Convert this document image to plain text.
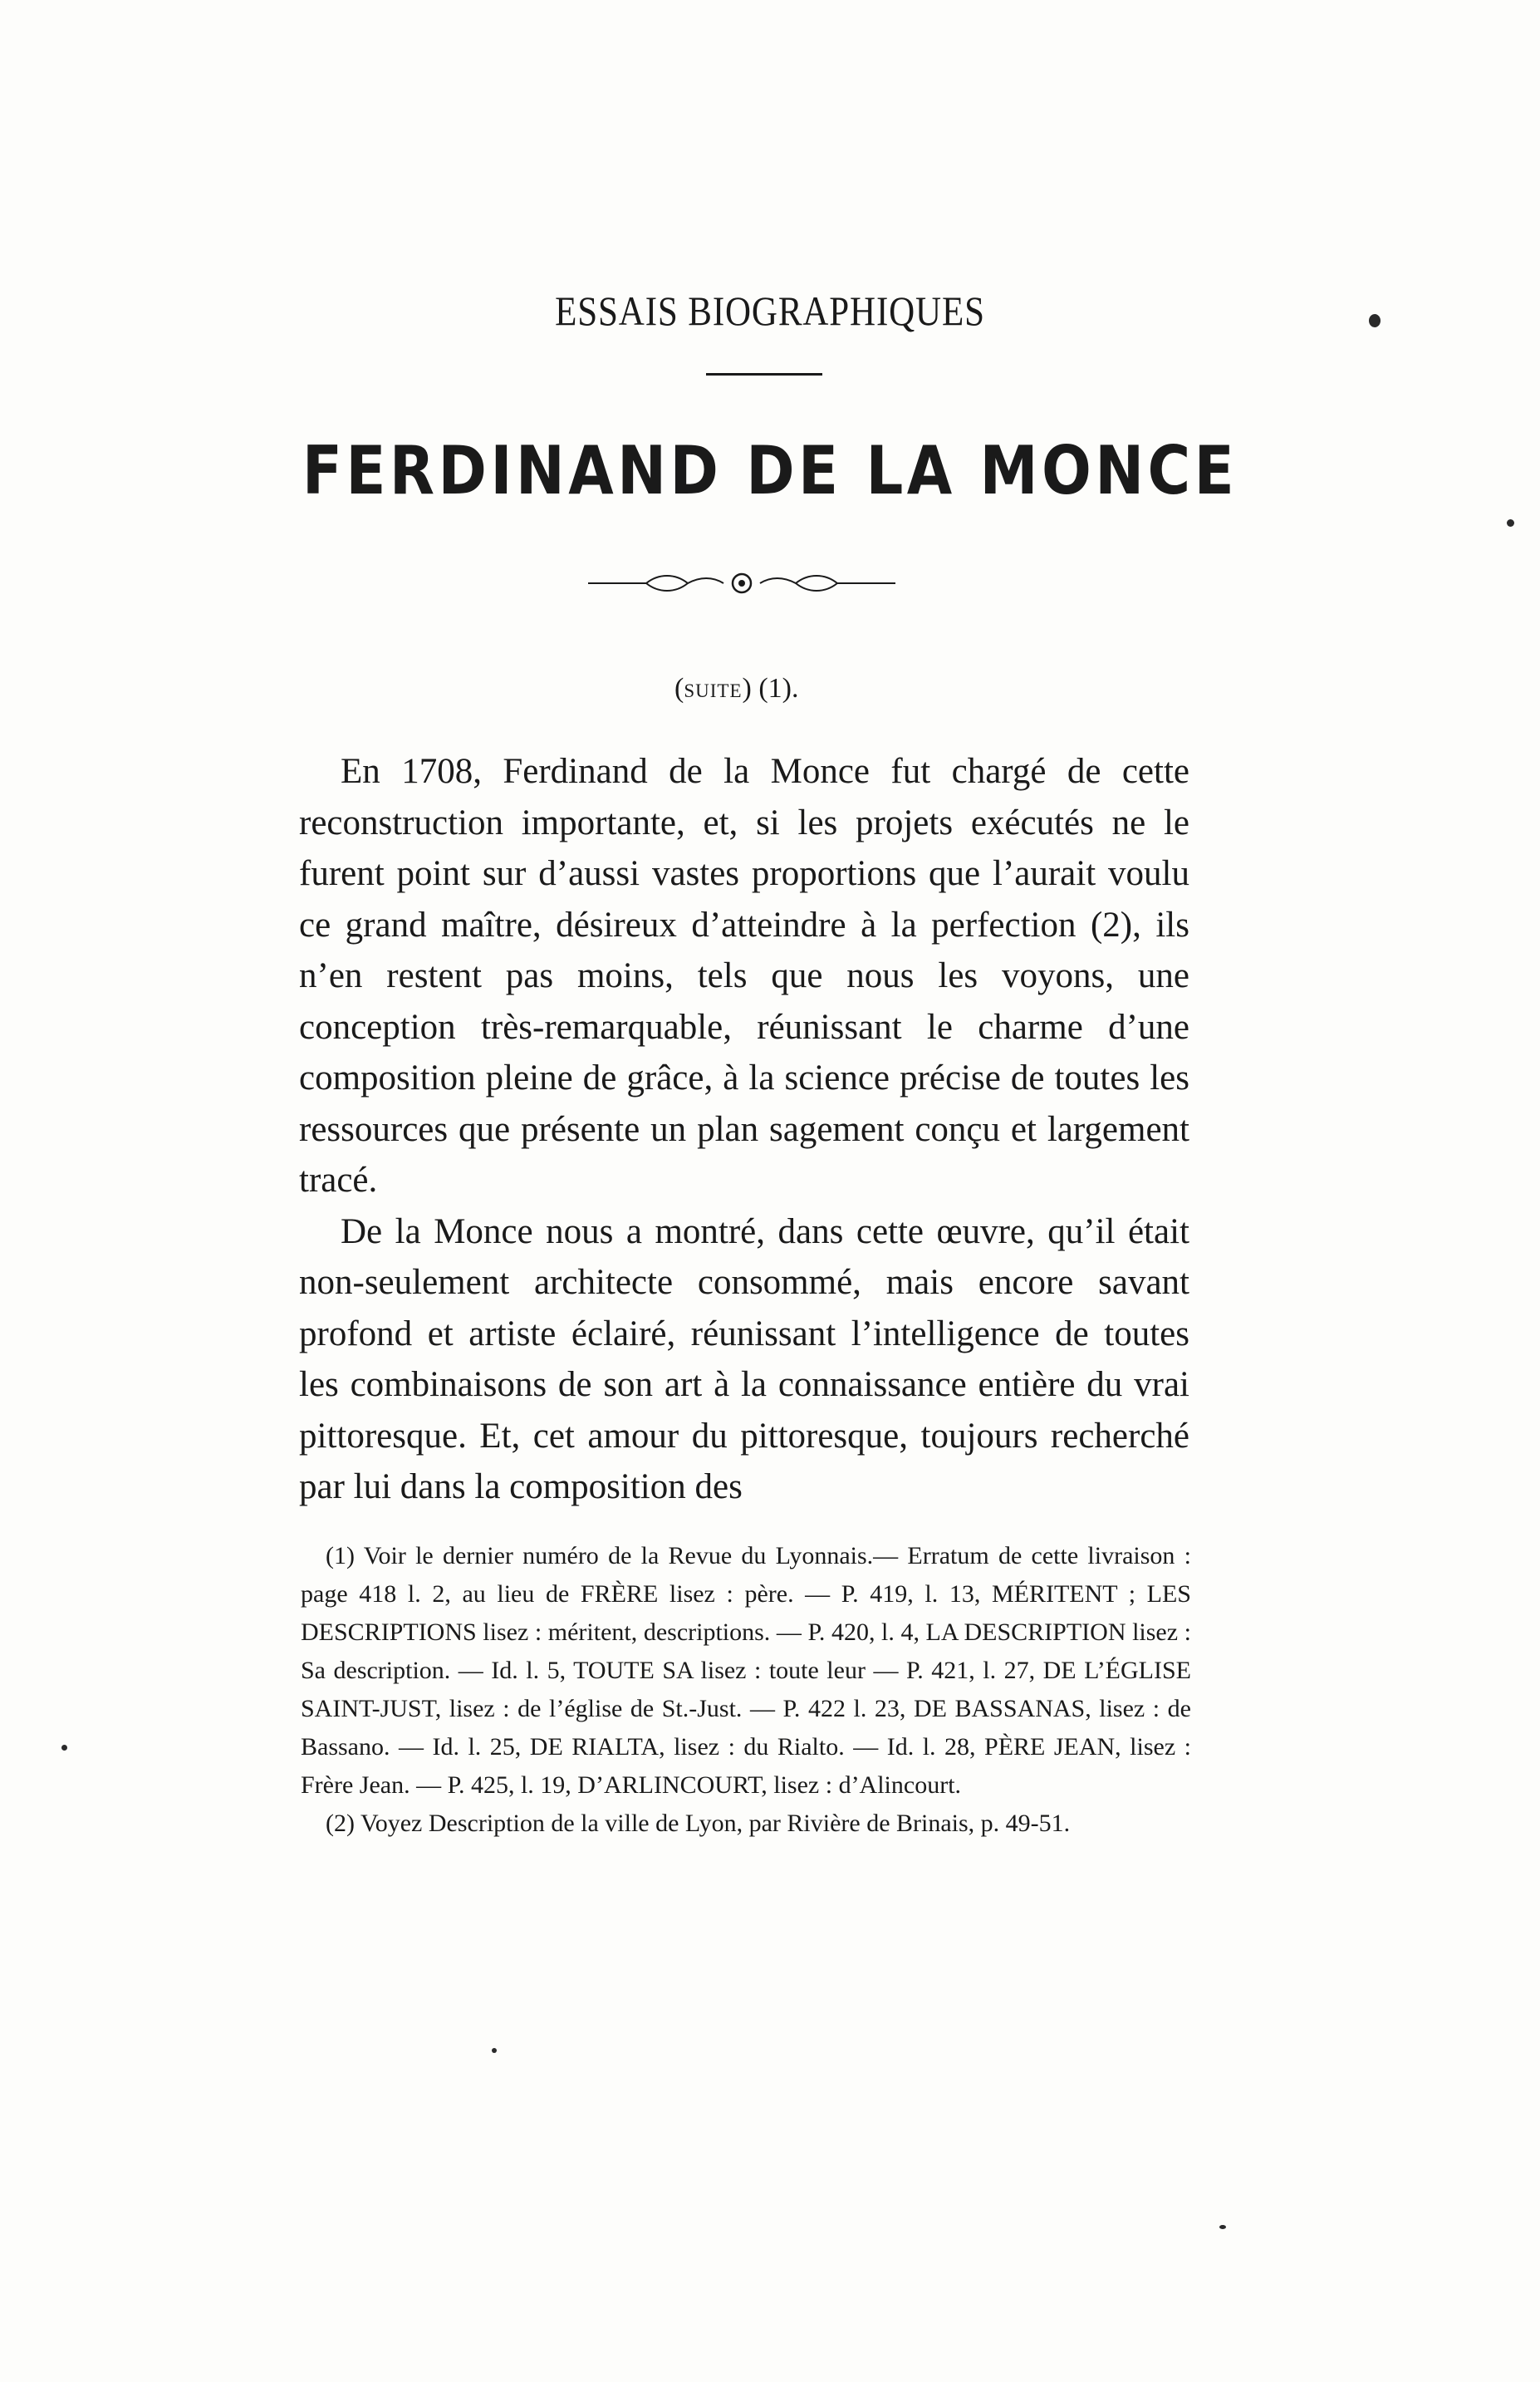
ESSAIS BIOGRAPHIQUES
FERDINAND DE LA MONCE
(SUITE) (1).

En 1708, Ferdinand de la Monce fut chargé de cette reconstruction importante, et, si les projets exécutés ne le furent point sur d’aussi vastes proportions que l’aurait voulu ce grand maître, désireux d’atteindre à la perfection (2), ils n’en restent pas moins, tels que nous les voyons, une conception très-remarquable, réunissant le charme d’une composition pleine de grâce, à la science précise de toutes les ressources que présente un plan sagement conçu et largement tracé.

De la Monce nous a montré, dans cette œuvre, qu’il était non-seulement architecte consommé, mais encore savant profond et artiste éclairé, réunissant l’intelligence de toutes les combinaisons de son art à la connaissance entière du vrai pittoresque. Et, cet amour du pittoresque, toujours recherché par lui dans la composition des

(1) Voir le dernier numéro de la Revue du Lyonnais.— Erratum de cette livraison : page 418 l. 2, au lieu de FRÈRE lisez : père. — P. 419, l. 13, MÉRITENT ; LES DESCRIPTIONS lisez : méritent, descriptions. — P. 420, l. 4, LA DESCRIPTION lisez : Sa description. — Id. l. 5, TOUTE SA lisez : toute leur — P. 421, l. 27, DE L’ÉGLISE SAINT-JUST, lisez : de l’église de St.-Just. — P. 422 l. 23, DE BASSANAS, lisez : de Bassano. — Id. l. 25, DE RIALTA, lisez : du Rialto. — Id. l. 28, PÈRE JEAN, lisez : Frère Jean. — P. 425, l. 19, D’ARLINCOURT, lisez : d’Alincourt.

(2) Voyez Description de la ville de Lyon, par Rivière de Brinais, p. 49-51.
